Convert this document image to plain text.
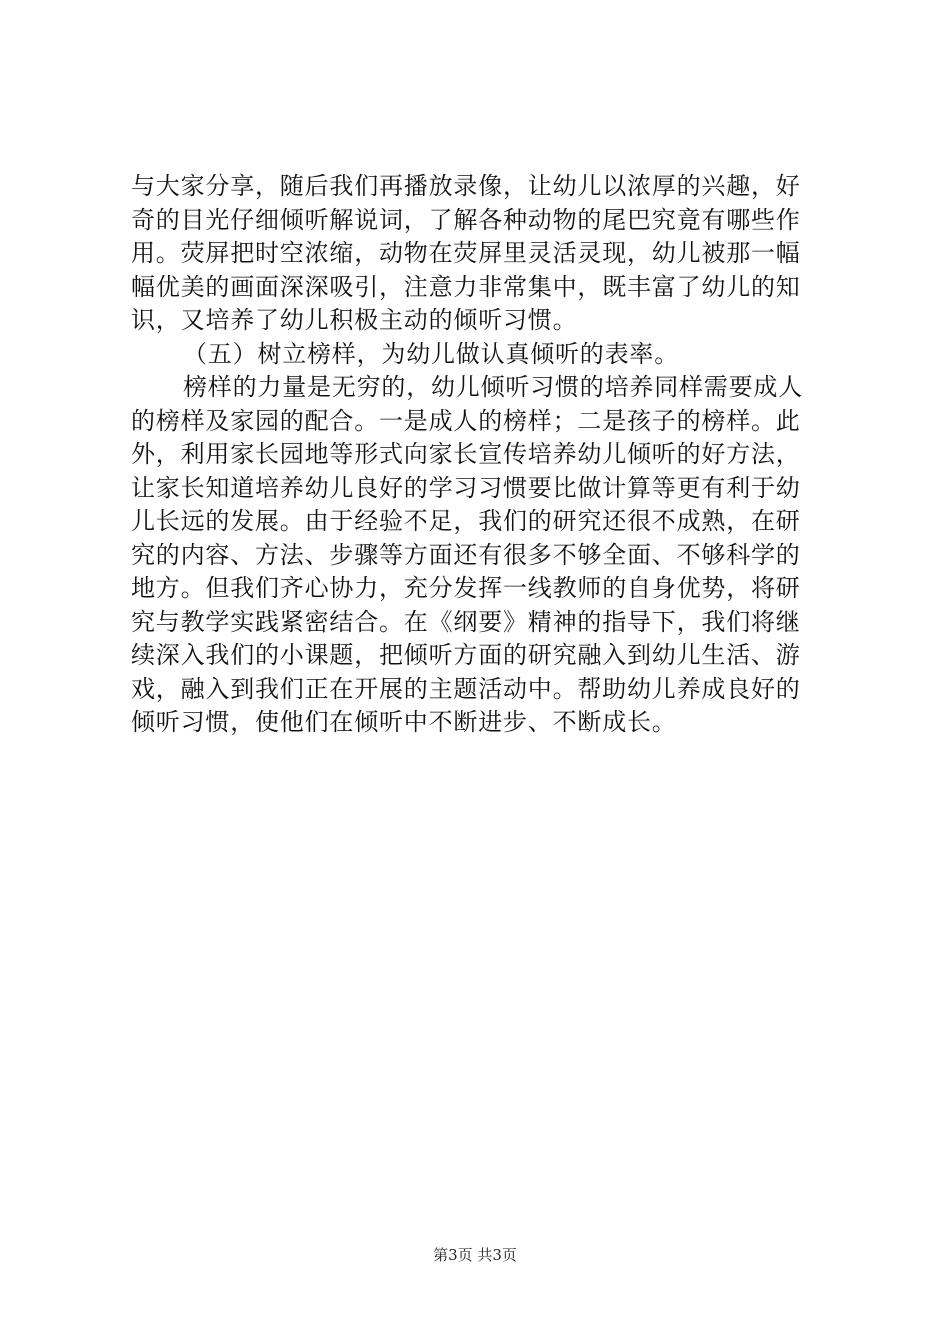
与大家分享，随后我们再播放录像，让幼儿以浓厚的兴趣，好
奇的目光仔细倾听解说词，了解各种动物的尾巴究竟有哪些作
用。荧屏把时空浓缩，动物在荧屏里灵活灵现，幼儿被那一幅
幅优美的画面深深吸引，注意力非常集中，既丰富了幼儿的知
识，又培养了幼儿积极主动的倾听习惯。
（五）树立榜样，为幼儿做认真倾听的表率。
榜样的力量是无穷的，幼儿倾听习惯的培养同样需要成人
的榜样及家园的配合。一是成人的榜样；二是孩子的榜样。此
外，利用家长园地等形式向家长宣传培养幼儿倾听的好方法，
让家长知道培养幼儿良好的学习习惯要比做计算等更有利于幼
儿长远的发展。由于经验不足，我们的研究还很不成熟，在研
究的内容、方法、步骤等方面还有很多不够全面、不够科学的
地方。但我们齐心协力，充分发挥一线教师的自身优势，将研
究与教学实践紧密结合。在《纲要》精神的指导下，我们将继
续深入我们的小课题，把倾听方面的研究融入到幼儿生活、游
戏，融入到我们正在开展的主题活动中。帮助幼儿养成良好的
倾听习惯，使他们在倾听中不断进步、不断成长。
第3页 共3页
